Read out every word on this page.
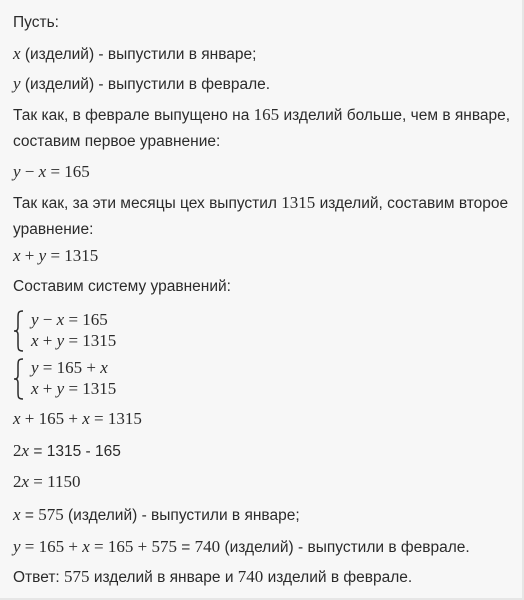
Пусть:
x (изделий) - выпустили в январе;
y (изделий) - выпустили в феврале.
Так как, в феврале выпущено на 165 изделий больше, чем в январе,
составим первое уравнение:
y − x = 165
Так как, за эти месяцы цех выпустил 1315 изделий, составим второе
уравнение:
x + y = 1315
Составим систему уравнений:
y − x = 165
x + y = 1315
y = 165 + x
x + y = 1315
x + 165 + x = 1315
2x = 1315 - 165
2x = 1150
x = 575 (изделий) - выпустили в январе;
y = 165 + x = 165 + 575 = 740 (изделий) - выпустили в феврале.
Ответ: 575 изделий в январе и 740 изделий в феврале.
